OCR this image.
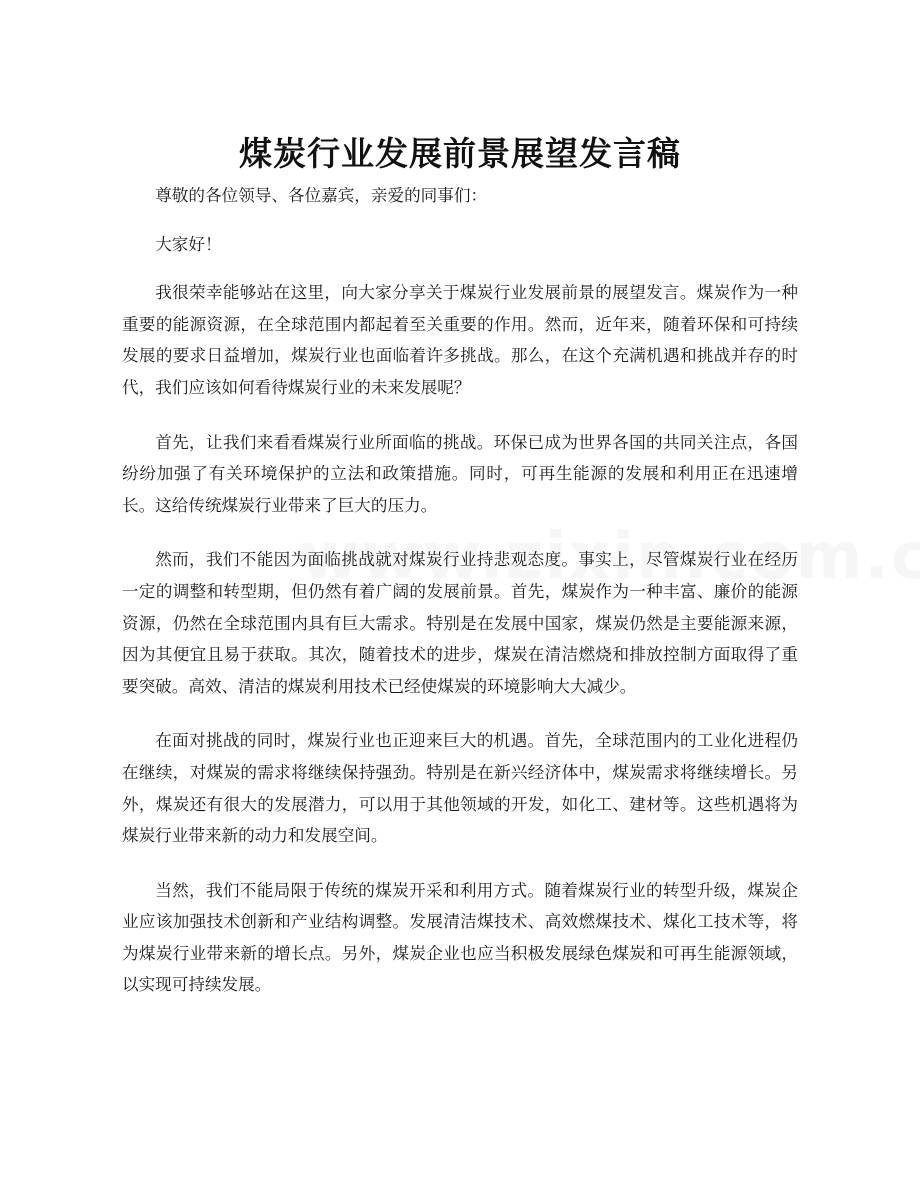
煤炭行业发展前景展望发言稿

尊敬的各位领导、各位嘉宾，亲爱的同事们：

大家好！

我很荣幸能够站在这里，向大家分享关于煤炭行业发展前景的展望发言。煤炭作为一种重要的能源资源，在全球范围内都起着至关重要的作用。然而，近年来，随着环保和可持续发展的要求日益增加，煤炭行业也面临着许多挑战。那么，在这个充满机遇和挑战并存的时代，我们应该如何看待煤炭行业的未来发展呢？

首先，让我们来看看煤炭行业所面临的挑战。环保已成为世界各国的共同关注点，各国纷纷加强了有关环境保护的立法和政策措施。同时，可再生能源的发展和利用正在迅速增长。这给传统煤炭行业带来了巨大的压力。

然而，我们不能因为面临挑战就对煤炭行业持悲观态度。事实上，尽管煤炭行业在经历一定的调整和转型期，但仍然有着广阔的发展前景。首先，煤炭作为一种丰富、廉价的能源资源，仍然在全球范围内具有巨大需求。特别是在发展中国家，煤炭仍然是主要能源来源，因为其便宜且易于获取。其次，随着技术的进步，煤炭在清洁燃烧和排放控制方面取得了重要突破。高效、清洁的煤炭利用技术已经使煤炭的环境影响大大减少。

在面对挑战的同时，煤炭行业也正迎来巨大的机遇。首先，全球范围内的工业化进程仍在继续，对煤炭的需求将继续保持强劲。特别是在新兴经济体中，煤炭需求将继续增长。另外，煤炭还有很大的发展潜力，可以用于其他领域的开发，如化工、建材等。这些机遇将为煤炭行业带来新的动力和发展空间。

当然，我们不能局限于传统的煤炭开采和利用方式。随着煤炭行业的转型升级，煤炭企业应该加强技术创新和产业结构调整。发展清洁煤技术、高效燃煤技术、煤化工技术等，将为煤炭行业带来新的增长点。另外，煤炭企业也应当积极发展绿色煤炭和可再生能源领域，以实现可持续发展。
